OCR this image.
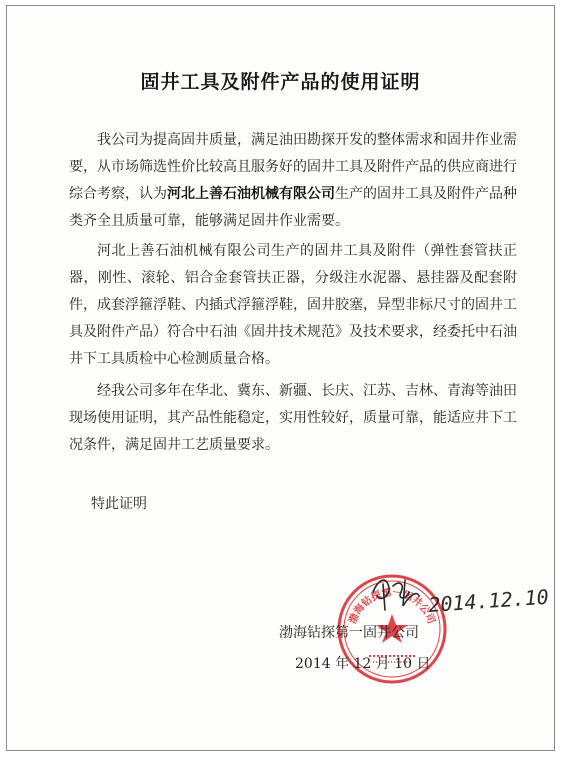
固井工具及附件产品的使用证明

我公司为提高固井质量，满足油田勘探开发的整体需求和固井作业需要，从市场筛选性价比较高且服务好的固井工具及附件产品的供应商进行综合考察，认为河北上善石油机械有限公司生产的固井工具及附件产品种类齐全且质量可靠，能够满足固井作业需要。

河北上善石油机械有限公司生产的固井工具及附件（弹性套管扶正器，刚性、滚轮、铝合金套管扶正器，分级注水泥器、悬挂器及配套附件，成套浮箍浮鞋、内插式浮箍浮鞋，固井胶塞，异型非标尺寸的固井工具及附件产品）符合中石油《固井技术规范》及技术要求，经委托中石油井下工具质检中心检测质量合格。

经我公司多年在华北、冀东、新疆、长庆、江苏、吉林、青海等油田现场使用证明，其产品性能稳定，实用性较好，质量可靠，能适应井下工况条件，满足固井工艺质量要求。

特此证明
渤海钻探第一固井公司
渤海钻探第一固井公司
2014 年 12 月 10 日
2014.12.10
